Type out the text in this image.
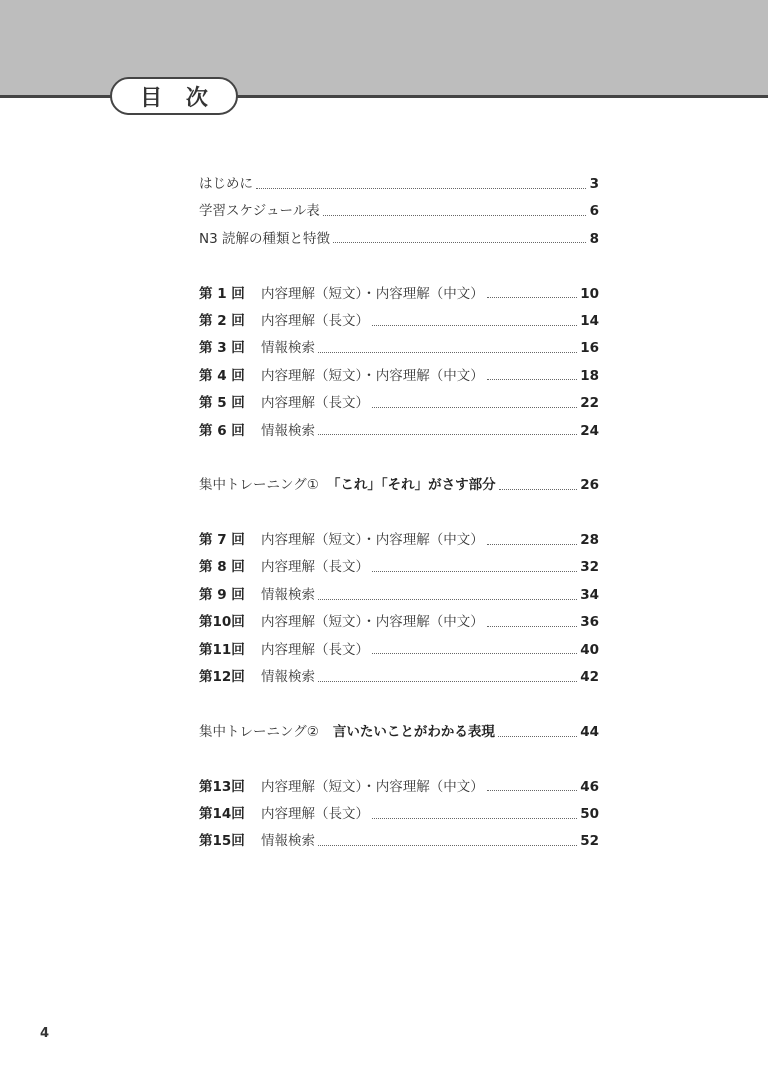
目 次
はじめに	3
学習スケジュール表	6
N3 読解の種類と特徴	8
第 1 回	内容理解（短文）・内容理解（中文）	10
第 2 回	内容理解（長文）	14
第 3 回	情報検索	16
第 4 回	内容理解（短文）・内容理解（中文）	18
第 5 回	内容理解（長文）	22
第 6 回	情報検索	24
集中トレーニング① 「これ」「それ」がさす部分	26
第 7 回	内容理解（短文）・内容理解（中文）	28
第 8 回	内容理解（長文）	32
第 9 回	情報検索	34
第10回	内容理解（短文）・内容理解（中文）	36
第11回	内容理解（長文）	40
第12回	情報検索	42
集中トレーニング② 言いたいことがわかる表現	44
第13回	内容理解（短文）・内容理解（中文）	46
第14回	内容理解（長文）	50
第15回	情報検索	52
4
